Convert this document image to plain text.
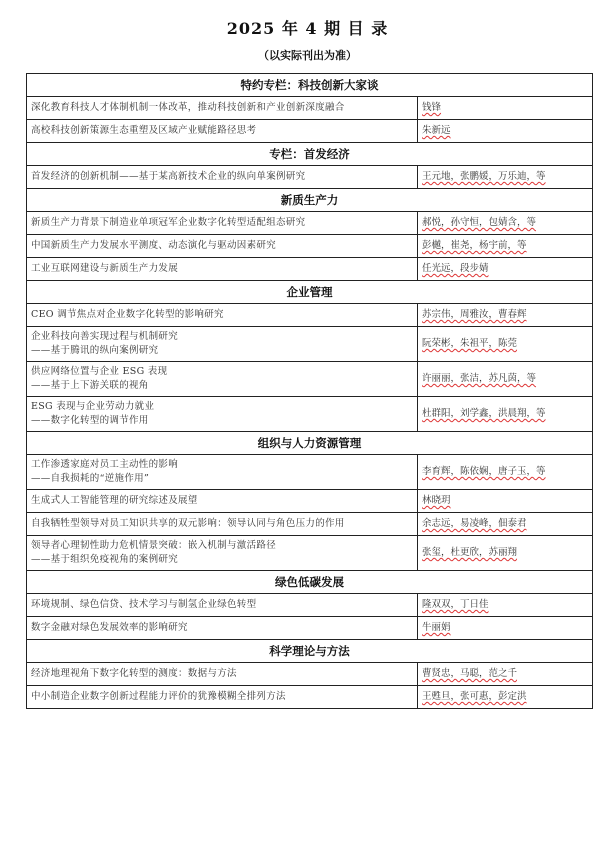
2025 年 4 期 目 录
（以实际刊出为准）
特约专栏：科技创新大家谈	

深化教育科技人才体制机制一体改革，推动科技创新和产业创新深度融合	钱锋

高校科技创新策源生态重塑及区域产业赋能路径思考	朱新远
专栏：首发经济	

首发经济的创新机制——基于某高新技术企业的纵向单案例研究	王元地，张鹏媛，万乐迪，等
新质生产力	

新质生产力背景下制造业单项冠军企业数字化转型适配组态研究	郝悦，孙守恒，包婧含，等

中国新质生产力发展水平测度、动态演化与驱动因素研究	彭樾，崔尧，杨宇前，等

工业互联网建设与新质生产力发展	任光远，段步婧
企业管理	

CEO 调节焦点对企业数字化转型的影响研究	苏宗伟，周雅汝，曹春辉

企业科技向善实现过程与机制研究
——基于腾讯的纵向案例研究	阮荣彬，朱祖平，陈莞

供应网络位置与企业 ESG 表现
——基于上下游关联的视角	许丽丽，张洁，苏凡茵，等

ESG 表现与企业劳动力就业
——数字化转型的调节作用	杜群阳，刘学鑫，洪晨翔，等
组织与人力资源管理	

工作渗透家庭对员工主动性的影响
——自我损耗的“逆施作用”	李育辉，陈依娴，唐子玉，等

生成式人工智能管理的研究综述及展望	林晓玥

自我牺牲型领导对员工知识共享的双元影响：领导认同与角色压力的作用	余志远，易凌峰，佃泰君

领导者心理韧性助力危机情景突破：嵌入机制与激活路径
——基于组织免疫视角的案例研究	张玺，杜更欣，苏丽翔
绿色低碳发展	

环境规制、绿色信贷、技术学习与制氢企业绿色转型	隆双双，丁日佳

数字金融对绿色发展效率的影响研究	牛丽娟
科学理论与方法	

经济地理视角下数字化转型的测度：数据与方法	曹贤忠，马聪，范之千

中小制造企业数字创新过程能力评价的犹豫模糊全排列方法	王甦旦，张可惠，彭定洪
